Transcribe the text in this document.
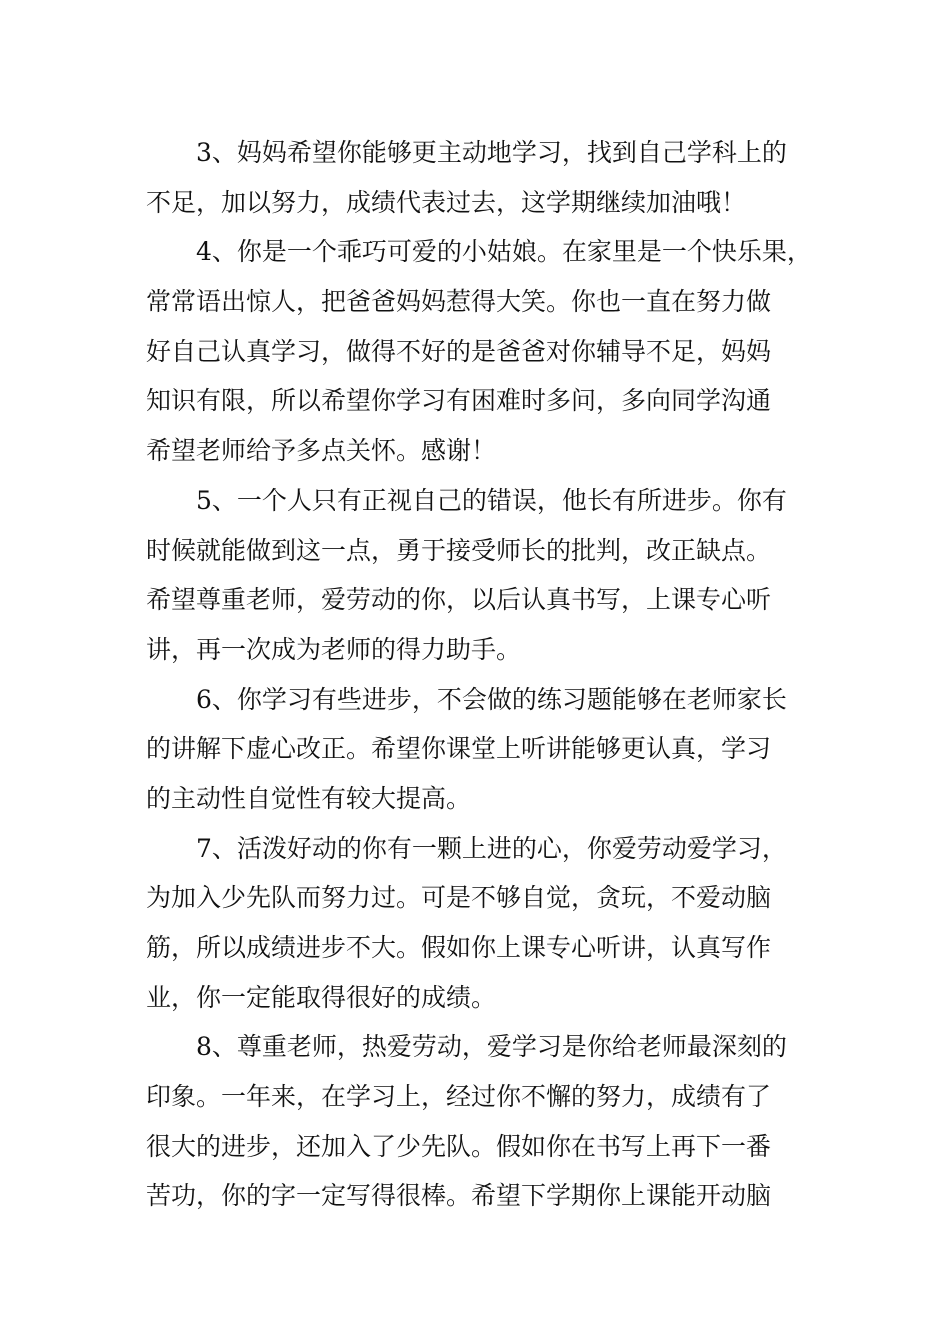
3、妈妈希望你能够更主动地学习，找到自己学科上的
不足，加以努力，成绩代表过去，这学期继续加油哦！
4、你是一个乖巧可爱的小姑娘。在家里是一个快乐果，
常常语出惊人，把爸爸妈妈惹得大笑。你也一直在努力做
好自己认真学习，做得不好的是爸爸对你辅导不足，妈妈
知识有限，所以希望你学习有困难时多问，多向同学沟通
希望老师给予多点关怀。感谢！
5、一个人只有正视自己的错误，他长有所进步。你有
时候就能做到这一点，勇于接受师长的批判，改正缺点。
希望尊重老师，爱劳动的你，以后认真书写，上课专心听
讲，再一次成为老师的得力助手。
6、你学习有些进步，不会做的练习题能够在老师家长
的讲解下虚心改正。希望你课堂上听讲能够更认真，学习
的主动性自觉性有较大提高。
7、活泼好动的你有一颗上进的心，你爱劳动爱学习，
为加入少先队而努力过。可是不够自觉，贪玩，不爱动脑
筋，所以成绩进步不大。假如你上课专心听讲，认真写作
业，你一定能取得很好的成绩。
8、尊重老师，热爱劳动，爱学习是你给老师最深刻的
印象。一年来，在学习上，经过你不懈的努力，成绩有了
很大的进步，还加入了少先队。假如你在书写上再下一番
苦功，你的字一定写得很棒。希望下学期你上课能开动脑
